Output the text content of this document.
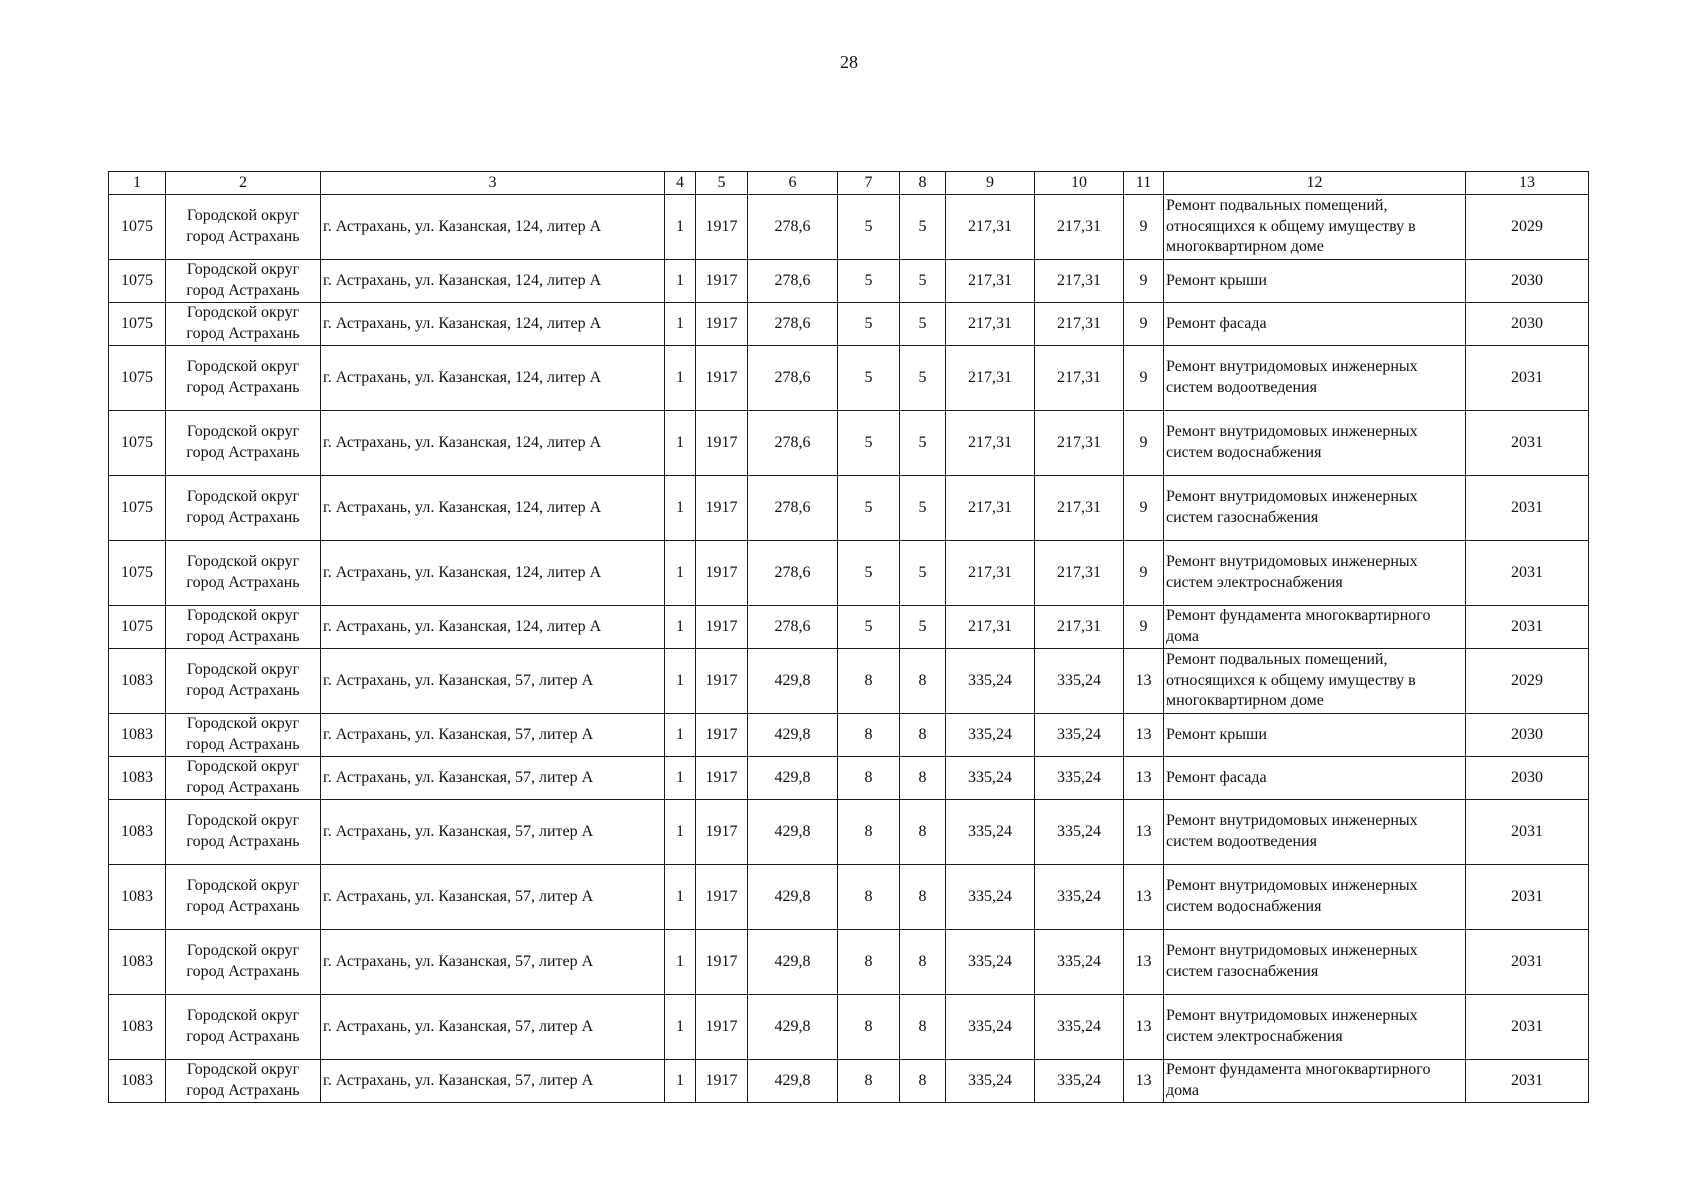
28
1	2	3	4	5	6	7	8	9	10	11	12	13
1075	Городской округ город Астрахань	г. Астрахань, ул. Казанская, 124, литер А	1	1917	278,6	5	5	217,31	217,31	9	Ремонт подвальных помещений, относящихся к общему имуществу в многоквартирном доме	2029
1075	Городской округ город Астрахань	г. Астрахань, ул. Казанская, 124, литер А	1	1917	278,6	5	5	217,31	217,31	9	Ремонт крыши	2030
1075	Городской округ город Астрахань	г. Астрахань, ул. Казанская, 124, литер А	1	1917	278,6	5	5	217,31	217,31	9	Ремонт фасада	2030
1075	Городской округ город Астрахань	г. Астрахань, ул. Казанская, 124, литер А	1	1917	278,6	5	5	217,31	217,31	9	Ремонт внутридомовых инженерных систем водоотведения	2031
1075	Городской округ город Астрахань	г. Астрахань, ул. Казанская, 124, литер А	1	1917	278,6	5	5	217,31	217,31	9	Ремонт внутридомовых инженерных систем водоснабжения	2031
1075	Городской округ город Астрахань	г. Астрахань, ул. Казанская, 124, литер А	1	1917	278,6	5	5	217,31	217,31	9	Ремонт внутридомовых инженерных систем газоснабжения	2031
1075	Городской округ город Астрахань	г. Астрахань, ул. Казанская, 124, литер А	1	1917	278,6	5	5	217,31	217,31	9	Ремонт внутридомовых инженерных систем электроснабжения	2031
1075	Городской округ город Астрахань	г. Астрахань, ул. Казанская, 124, литер А	1	1917	278,6	5	5	217,31	217,31	9	Ремонт фундамента многоквартирного дома	2031
1083	Городской округ город Астрахань	г. Астрахань, ул. Казанская, 57, литер А	1	1917	429,8	8	8	335,24	335,24	13	Ремонт подвальных помещений, относящихся к общему имуществу в многоквартирном доме	2029
1083	Городской округ город Астрахань	г. Астрахань, ул. Казанская, 57, литер А	1	1917	429,8	8	8	335,24	335,24	13	Ремонт крыши	2030
1083	Городской округ город Астрахань	г. Астрахань, ул. Казанская, 57, литер А	1	1917	429,8	8	8	335,24	335,24	13	Ремонт фасада	2030
1083	Городской округ город Астрахань	г. Астрахань, ул. Казанская, 57, литер А	1	1917	429,8	8	8	335,24	335,24	13	Ремонт внутридомовых инженерных систем водоотведения	2031
1083	Городской округ город Астрахань	г. Астрахань, ул. Казанская, 57, литер А	1	1917	429,8	8	8	335,24	335,24	13	Ремонт внутридомовых инженерных систем водоснабжения	2031
1083	Городской округ город Астрахань	г. Астрахань, ул. Казанская, 57, литер А	1	1917	429,8	8	8	335,24	335,24	13	Ремонт внутридомовых инженерных систем газоснабжения	2031
1083	Городской округ город Астрахань	г. Астрахань, ул. Казанская, 57, литер А	1	1917	429,8	8	8	335,24	335,24	13	Ремонт внутридомовых инженерных систем электроснабжения	2031
1083	Городской округ город Астрахань	г. Астрахань, ул. Казанская, 57, литер А	1	1917	429,8	8	8	335,24	335,24	13	Ремонт фундамента многоквартирного дома	2031
